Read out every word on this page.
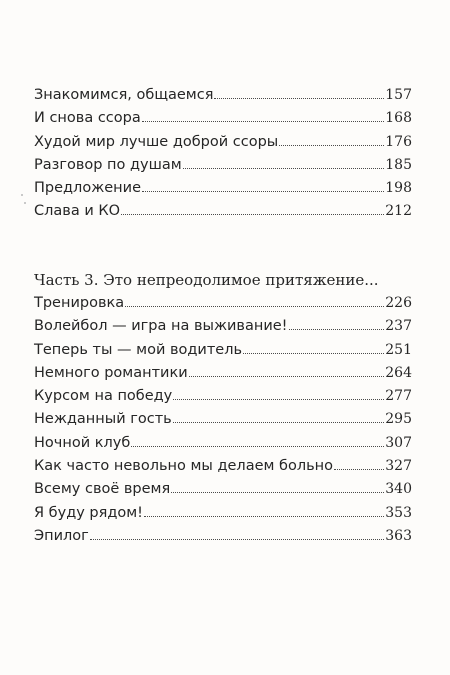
Знакомимся, общаемся	157
И снова ссора	168
Худой мир лучше доброй ссоры	176
Разговор по душам	185
Предложение	198
Слава и КО	212
Часть 3. Это непреодолимое притяжение...
Тренировка	226
Волейбол — игра на выживание!	237
Теперь ты — мой водитель	251
Немного романтики	264
Курсом на победу	277
Нежданный гость	295
Ночной клуб	307
Как часто невольно мы делаем больно	327
Всему своё время	340
Я буду рядом!	353
Эпилог	363
